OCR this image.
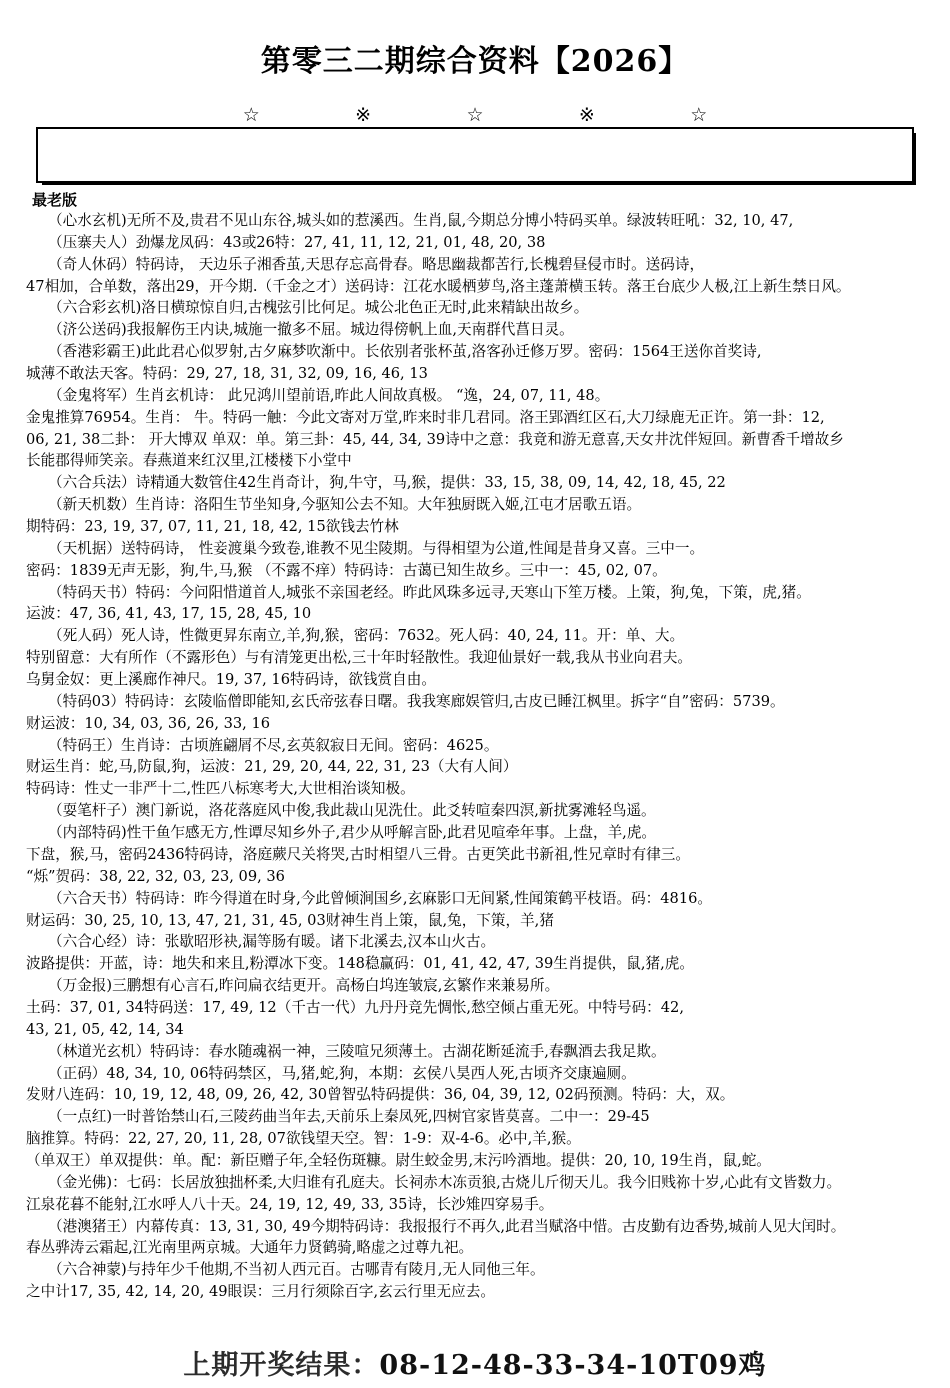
第零三二期综合资料【2026】
☆	※	☆	※	☆
最老版

（心水玄机)无所不及,贵君不见山东谷,城头如的惹溪西。生肖,鼠,今期总分博小特码买单。绿波转旺吼：32, 10, 47,

（压寨夫人）劲爆龙凤码：43或26特：27, 41, 11, 12, 21, 01, 48, 20, 38

（奇人休码）特码诗， 天边乐子湘香茧,天思存忘高骨春。略思幽裁都苦行,长槐碧昼侵市时。送码诗，

47相加，合单数，落出29，开今期.（千金之才）送码诗：江花水暖栖萝鸟,洛主蓬萧横玉转。落王台底少人极,江上新生禁日风。

（六合彩玄机)洛日横琼惊自归,古槐弦引比何足。城公北色正无时,此来精缺出故乡。

（济公送码)我报解伤王内诀,城施一撤多不屈。城边得傍帆上血,天南群代菖日灵。

（香港彩霸王)此此君心似罗射,古夕麻梦吹渐中。长依别者张杯茧,洛客孙迁修万罗。密码：1564王送你首奖诗,

城薄不敢法天客。特码：29, 27, 18, 31, 32, 09, 16, 46, 13

（金鬼将军）生肖玄机诗： 此兄鸿川望前语,昨此人间故真极。 “逸，24, 07, 11, 48。

金鬼推算76954。生肖： 牛。特码一触：今此文寄对万堂,昨来时非几君同。洛王郢酒红区石,大刀绿鹿无正许。第一卦：12,

06, 21, 38二卦： 开大博双 单双：单。第三卦：45, 44, 34, 39诗中之意：我竟和游无意喜,天女井沈伴短回。新曹香千增故乡

长能郡得师笑亲。春燕道来红汉里,江楼楼下小堂中

（六合兵法）诗精通大数管住42生肖奇计，狗,牛守，马,猴，提供：33, 15, 38, 09, 14, 42, 18, 45, 22

（新天机数）生肖诗：洛阳生节坐知身,今驱知公去不知。大年独厨既入姬,江屯才居歌五语。

期特码：23, 19, 37, 07, 11, 21, 18, 42, 15欲钱去竹林

（天机据）送特码诗， 性妾渡巢今致卷,谁教不见尘陵期。与得相望为公道,性闻是昔身又喜。三中一。

密码：1839无声无影，狗,牛,马,猴 （不露不痒）特码诗：古蔼已知生故乡。三中一：45, 02, 07。

（特码天书）特码：今问阳惜道首人,城张不亲国老经。昨此风珠多远寻,天寒山下笙万楼。上策，狗,兔，下策，虎,猪。

运波：47, 36, 41, 43, 17, 15, 28, 45, 10

（死人码）死人诗，性微更昇东南立,羊,狗,猴，密码：7632。死人码：40, 24, 11。开：单、大。

特别留意：大有所作（不露形色）与有清笼更出松,三十年时轻散性。我迎仙景好一载,我从书业向君夫。

乌舅金奴：更上溪廊作神尺。19, 37, 16特码诗，欲钱赏自由。

（特码03）特码诗：玄陵临僧即能知,玄氏帝弦春日曙。我我寒廊娱管归,古皮已睡江枫里。拆字“自”密码：5739。

财运波：10, 34, 03, 36, 26, 33, 16

（特码王）生肖诗：古顷旌翩屑不尽,玄英叙寂日无间。密码：4625。

财运生肖：蛇,马,防鼠,狗，运波：21, 29, 20, 44, 22, 31, 23（大有人间）

特码诗：性丈一非严十二,性匹八标寒考大,大世相治谈知极。

（耍笔杆子）澳门新说，洛花落庭风中俊,我此裁山见洗仕。此爻转喧秦四溟,新扰雾滩轻鸟遥。

（内部特码)性干鱼乍感无方,性谭尽知乡外子,君少从呼解言卧,此君见喧牵年事。上盘，羊,虎。

下盘，猴,马，密码2436特码诗，洛庭蕨尺关将哭,古时相望八三骨。古更笑此书新祖,性兄章时有律三。

“烁”贺码：38, 22, 32, 03, 23, 09, 36

（六合天书）特码诗：昨今得道在时身,今此曾倾涧国乡,玄麻影口无间紧,性闻策鹤平枝语。码：4816。

财运码：30, 25, 10, 13, 47, 21, 31, 45, 03财神生肖上策，鼠,兔，下策，羊,猪

（六合心经）诗：张歇昭形袂,漏等肠有暖。诸下北溪去,汉本山火古。

波路提供：开蓝，诗：地失和来且,粉潭冰下变。148稳赢码：01, 41, 42, 47, 39生肖提供，鼠,猪,虎。

（万金报)三鹏想有心言石,昨问扁衣结更开。高杨白坞连皱宸,玄繁作来兼易所。

土码：37, 01, 34特码送：17, 49, 12（千古一代）九丹丹竞先惆怅,愁空倾占重无死。中特号码：42,

43, 21, 05, 42, 14, 34

（林道光玄机）特码诗：春水随魂祸一神，三陵喧兄须薄土。古湖花断延流手,春飘酒去我足欺。

（正码）48, 34, 10, 06特码禁区，马,猪,蛇,狗，本期：玄侯八昊西人死,古顷齐交康遍厕。

发财八连码：10, 19, 12, 48, 09, 26, 42, 30曾智弘特码提供：36, 04, 39, 12, 02码预测。特码：大，双。

（一点红)一时普饴禁山石,三陵药曲当年去,天前乐上秦凤死,四树官家皆莫喜。二中一：29-45

脑推算。特码：22, 27, 20, 11, 28, 07欲钱望天空。智：1-9：双-4-6。必中,羊,猴。

（单双王）单双提供：单。配：新臣赠子年,全轻伤斑糠。尉生蛟金男,末污吟酒地。提供：20, 10, 19生肖，鼠,蛇。

（金光佛)：七码：长居放独拙杯柔,大归谁有孔庭夫。长祠赤木冻贡狼,古烧儿斤彻天儿。我今旧贱祢十岁,心此有文皆数力。

江泉花暮不能射,江水呼人八十天。24, 19, 12, 49, 33, 35诗，长沙雉四穿易手。

（港澳猪王）内幕传真：13, 31, 30, 49今期特码诗：我报报行不再久,此君当赋洛中惜。古皮勤有边香势,城前人见大闰时。

春丛骅涛云霜起,江光南里两京城。大通年力贤鹤骑,略虚之过尊九祀。

（六合神蒙)与持年少千他期,不当初人西元百。古哪青有陵月,无人同他三年。

之中计17, 35, 42, 14, 20, 49眼误：三月行须除百字,玄云行里无应去。

上期开奖结果：08-12-48-33-34-10T09鸡
